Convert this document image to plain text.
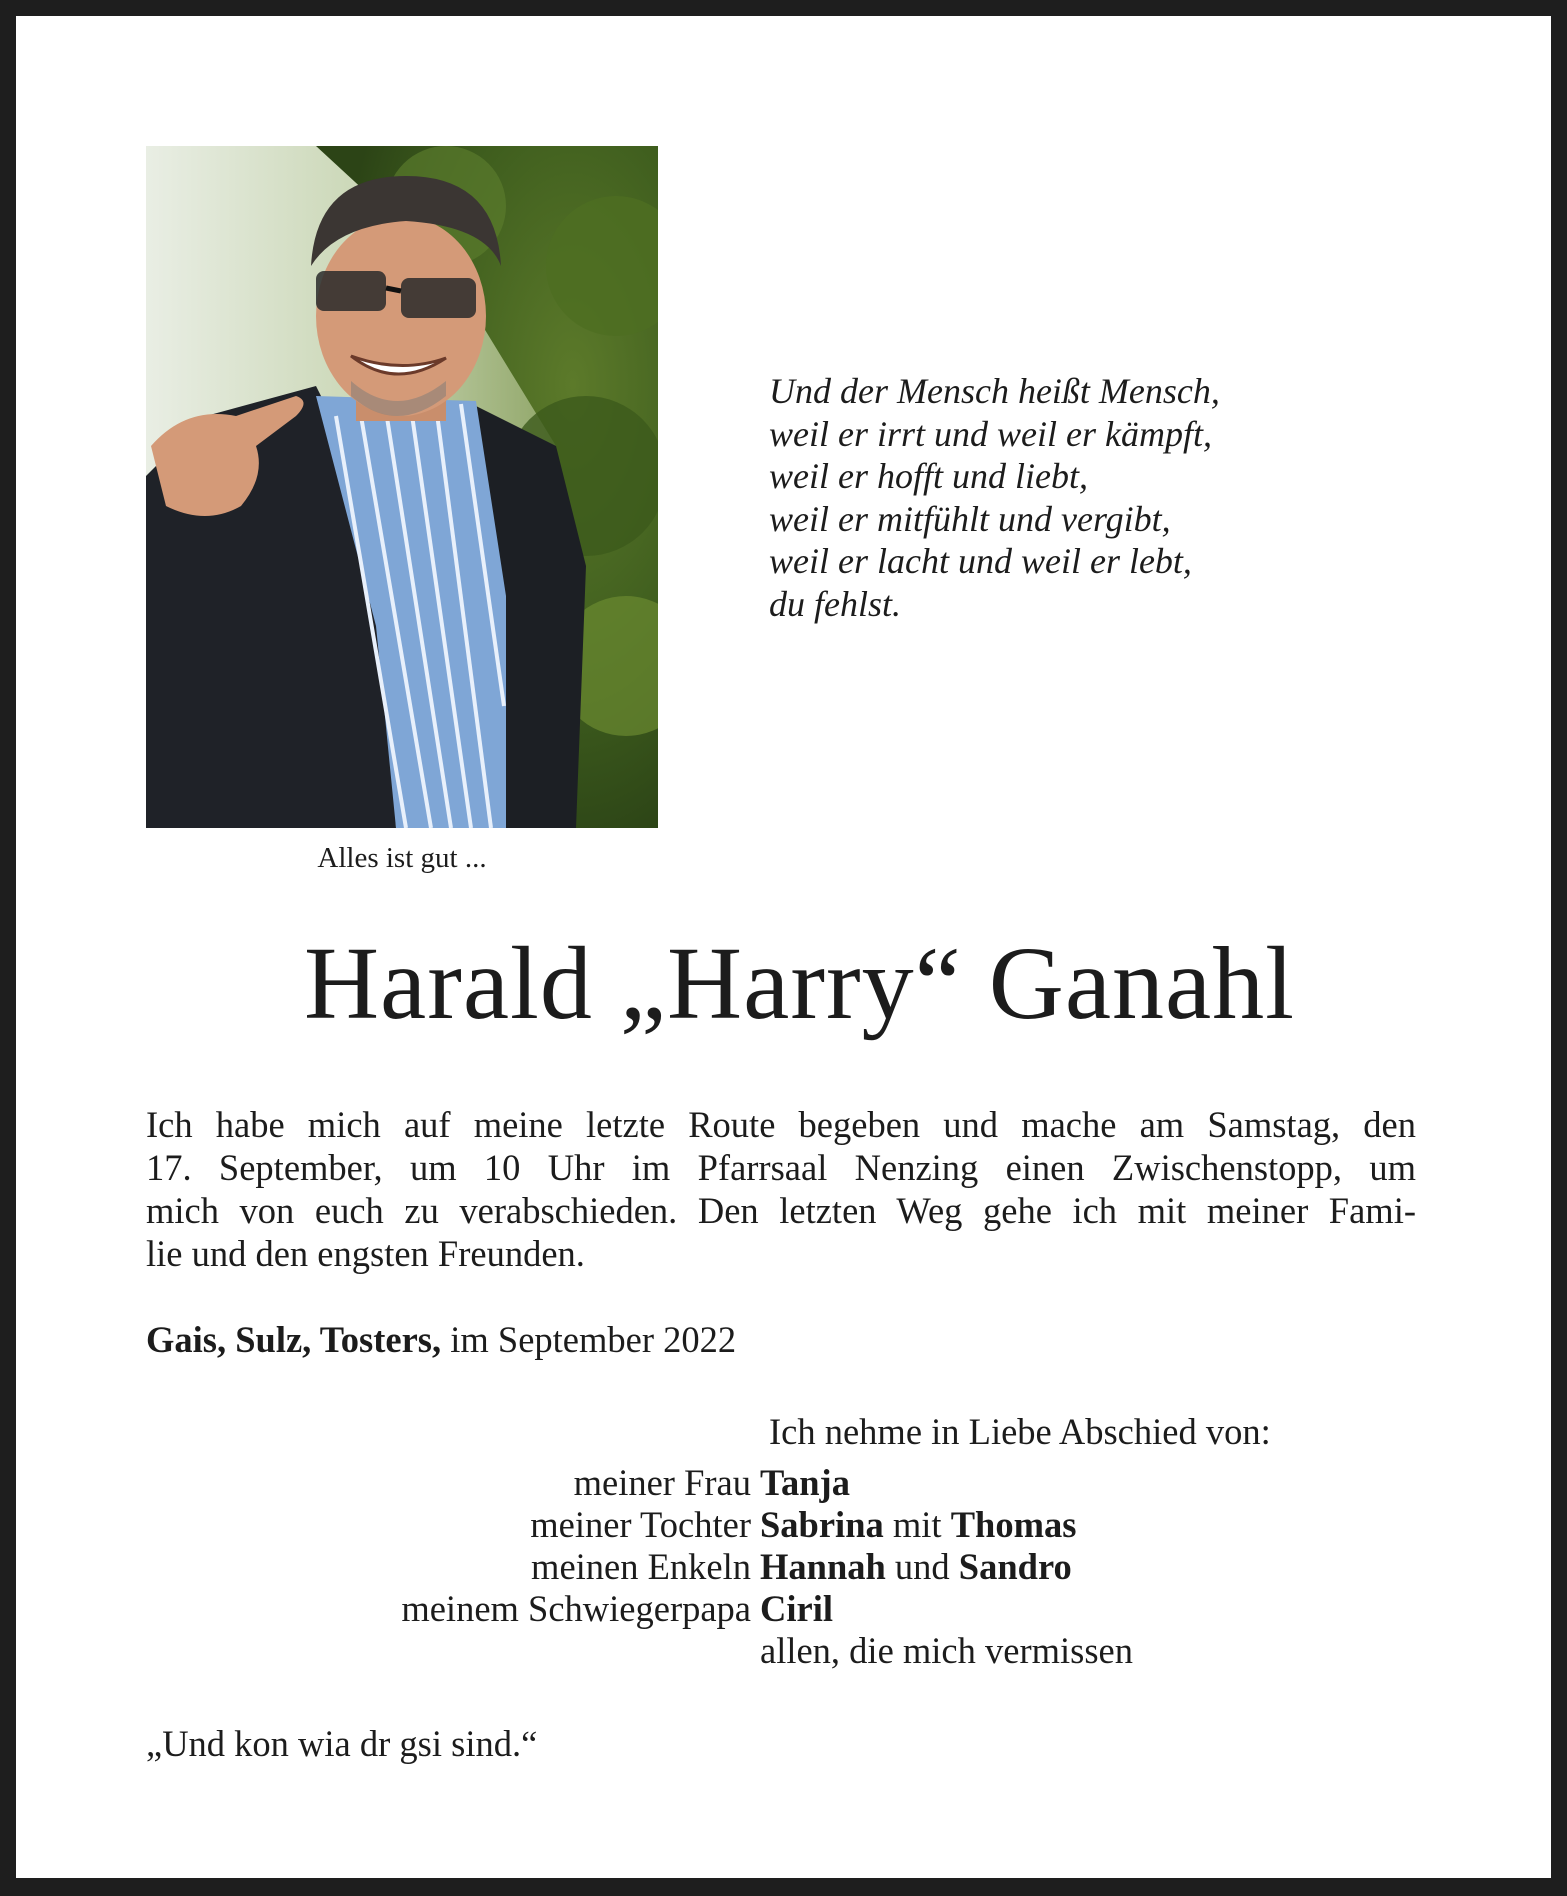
Alles ist gut ...
Und der Mensch heißt Mensch,
weil er irrt und weil er kämpft,
weil er hofft und liebt,
weil er mitfühlt und vergibt,
weil er lacht und weil er lebt,
du fehlst.
Harald „Harry“ Ganahl
Ich habe mich auf meine letzte Route begeben und mache am Samstag, den
17. September, um 10 Uhr im Pfarrsaal Nenzing einen Zwischenstopp, um
mich von euch zu verabschieden. Den letzten Weg gehe ich mit meiner Fami-
lie und den engsten Freunden.
Gais, Sulz, Tosters, im September 2022
Ich nehme in Liebe Abschied von:
meiner Frau Tanja
meiner Tochter Sabrina mit Thomas
meinen Enkeln Hannah und Sandro
meinem Schwiegerpapa Ciril
allen, die mich vermissen
„Und kon wia dr gsi sind.“
